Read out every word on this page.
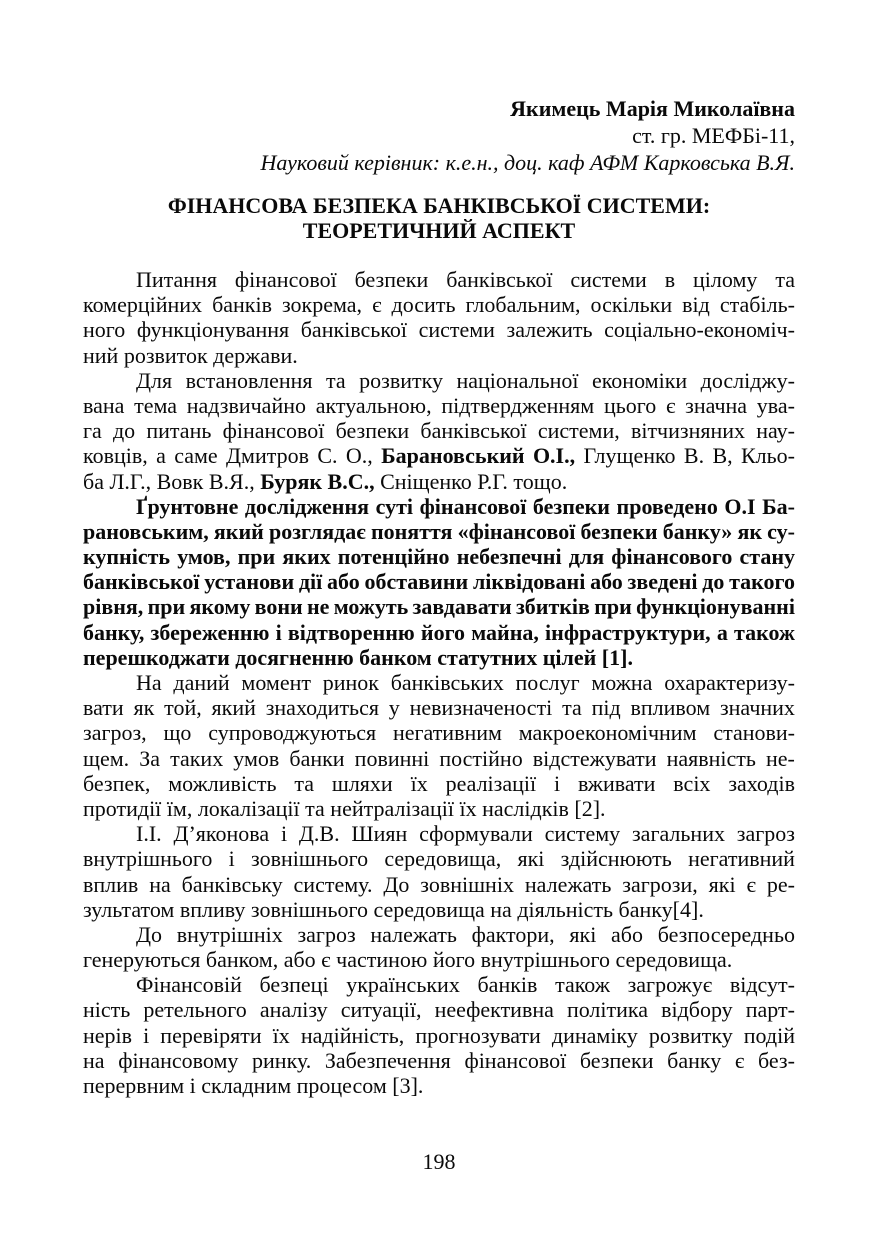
Якимець Марія Миколаївна
ст. гр. МЕФБі-11,
Науковий керівник: к.е.н., доц. каф АФМ Карковська В.Я.
ФІНАНСОВА БЕЗПЕКА БАНКІВСЬКОЇ СИСТЕМИ:
ТЕОРЕТИЧНИЙ АСПЕКТ
Питання фінансової безпеки банківської системи в цілому та
комерційних банків зокрема, є досить глобальним, оскільки від стабіль-
ного функціонування банківської системи залежить соціально-економіч-
ний розвиток держави.
Для встановлення та розвитку національної економіки досліджу-
вана тема надзвичайно актуальною, підтвердженням цього є значна ува-
га до питань фінансової безпеки банківської системи, вітчизняних нау-
ковців, а саме Дмитров С. О., Барановський О.І., Глущенко В. В, Кльо-
ба Л.Г., Вовк В.Я., Буряк В.С., Сніщенко Р.Г. тощо.
Ґрунтовне дослідження суті фінансової безпеки проведено О.І Ба-
рановським, який розглядає поняття «фінансової безпеки банку» як су-
купність умов, при яких потенційно небезпечні для фінансового стану
банківської установи дії або обставини ліквідовані або зведені до такого
рівня, при якому вони не можуть завдавати збитків при функціонуванні
банку, збереженню і відтворенню його майна, інфраструктури, а також
перешкоджати досягненню банком статутних цілей [1].
На даний момент ринок банківських послуг можна охарактеризу-
вати як той, який знаходиться у невизначеності та під впливом значних
загроз, що супроводжуються негативним макроекономічним станови-
щем. За таких умов банки повинні постійно відстежувати наявність не-
безпек, можливість та шляхи їх реалізації і вживати всіх заходів
протидії їм, локалізації та нейтралізації їх наслідків [2].
І.І. Д’яконова і Д.В. Шиян сформували систему загальних загроз
внутрішнього і зовнішнього середовища, які здійснюють негативний
вплив на банківську систему. До зовнішніх належать загрози, які є ре-
зультатом впливу зовнішнього середовища на діяльність банку[4].
До внутрішніх загроз належать фактори, які або безпосередньо
генеруються банком, або є частиною його внутрішнього середовища.
Фінансовій безпеці українських банків також загрожує відсут-
ність ретельного аналізу ситуації, неефективна політика відбору парт-
нерів і перевіряти їх надійність, прогнозувати динаміку розвитку подій
на фінансовому ринку. Забезпечення фінансової безпеки банку є без-
перервним і складним процесом [3].
198
